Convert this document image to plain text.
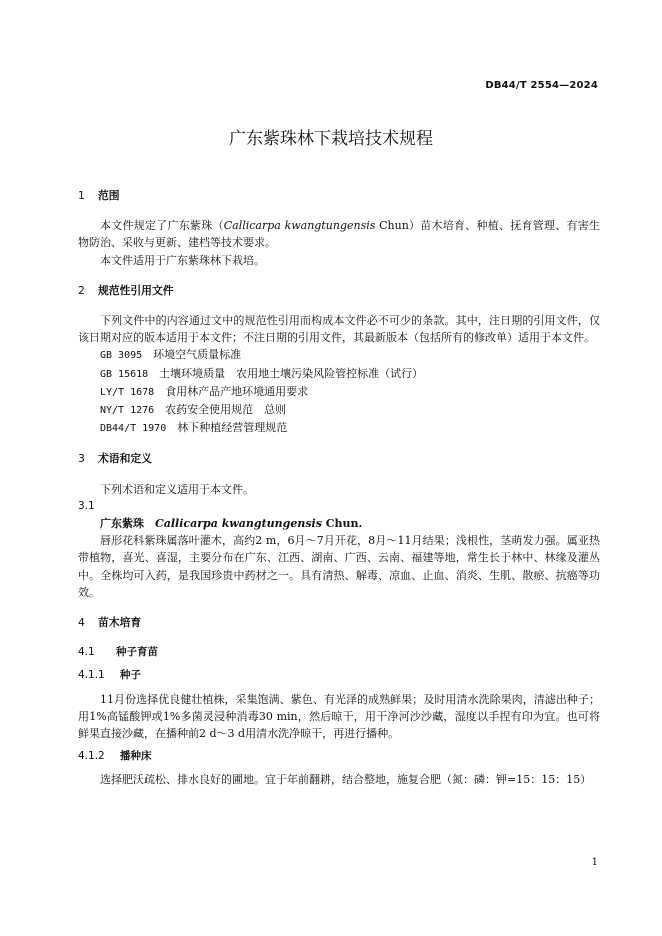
DB44/T 2554—2024
广东紫珠林下栽培技术规程
1 范围

本文件规定了广东紫珠（Callicarpa kwangtungensis Chun）苗木培育、种植、抚育管理、有害生物防治、采收与更新、建档等技术要求。

本文件适用于广东紫珠林下栽培。

2 规范性引用文件

下列文件中的内容通过文中的规范性引用而构成本文件必不可少的条款。其中，注日期的引用文件，仅该日期对应的版本适用于本文件；不注日期的引用文件，其最新版本（包括所有的修改单）适用于本文件。

GB 3095　 环境空气质量标准
GB 15618　 土壤环境质量　农用地土壤污染风险管控标准（试行）
LY/T 1678　 食用林产品产地环境通用要求
NY/T 1276　 农药安全使用规范　总则
DB44/T 1970　 林下种植经营管理规范
3 术语和定义

下列术语和定义适用于本文件。

3.1
广东紫珠　 Callicarpa kwangtungensis Chun.

唇形花科紫珠属落叶灌木，高约2 m，6月～7月开花，8月～11月结果；浅根性，茎萌发力强。属亚热带植物，喜光、喜湿，主要分布在广东、江西、湖南、广西、云南、福建等地，常生长于林中、林缘及灌丛中。全株均可入药，是我国珍贵中药材之一。具有清热、解毒、凉血、止血、消炎、生肌、散瘀、抗癌等功效。

4 苗木培育
4.1 种子育苗
4.1.1 种子

11月份选择优良健壮植株，采集饱满、紫色、有光泽的成熟鲜果；及时用清水洗除果肉，清滤出种子；用1%高锰酸钾或1%多菌灵浸种消毒30 min，然后晾干，用干净河沙沙藏，湿度以手捏有印为宜。也可将鲜果直接沙藏，在播种前2 d～3 d用清水洗净晾干，再进行播种。

4.1.2 播种床

选择肥沃疏松、排水良好的圃地。宜于年前翻耕，结合整地，施复合肥（氮：磷：钾=15：15：15）

1
